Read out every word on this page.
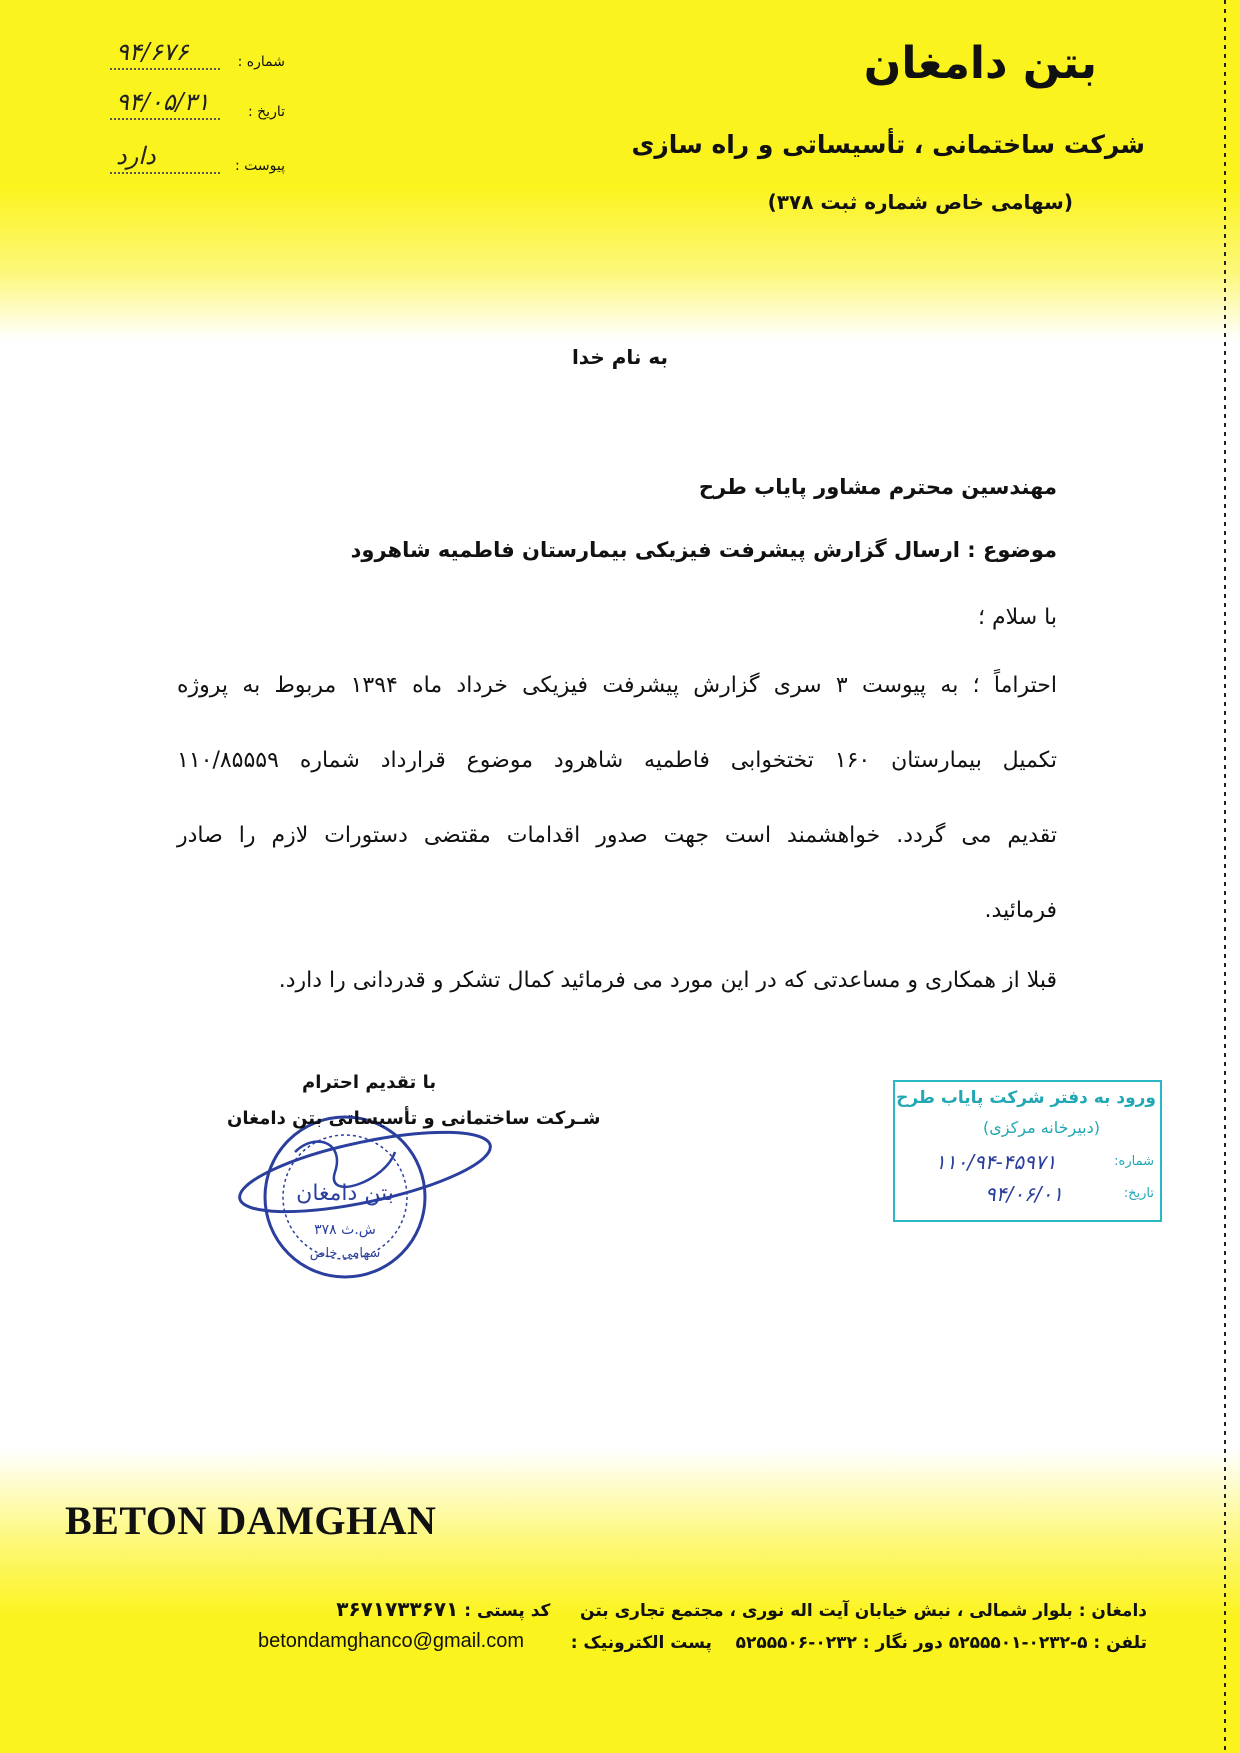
بتن دامغان
شرکت ساختمانی ، تأسیساتی و راه سازی
(سهامی خاص شماره ثبت ۳۷۸)
شماره :
۹۴/۶۷۶
تاریخ :
۹۴/۰۵/۳۱
پیوست :
دارد
به نام خدا
مهندسین محترم مشاور پایاب طرح
موضوع : ارسال گزارش پیشرفت فیزیکی بیمارستان فاطمیه شاهرود
با سلام ؛
احتراماً ؛ به پیوست ۳ سری گزارش پیشرفت فیزیکی خرداد ماه ۱۳۹۴ مربوط به پروژه
تکمیل بیمارستان ۱۶۰ تختخوابی فاطمیه شاهرود موضوع قرارداد شماره ۱۱۰/۸۵۵۵۹
تقدیم می گردد. خواهشمند است جهت صدور اقدامات مقتضی دستورات لازم را صادر
فرمائید.
قبلا از همکاری و مساعدتی که در این مورد می فرمائید کمال تشکر و قدردانی را دارد.
بتن دامغان
ش.ث ۳۷۸
سهامی خاص
با تقدیم احترام
شـرکت ساختمانی و تأسیساتی بتن دامغان
ورود به دفتر شرکت پایاب طرح
(دبیرخانه مرکزی)
شماره:
۱۱۰/۹۴-۴۵۹۷۱
تاریخ:
۹۴/۰۶/۰۱
BETON DAMGHAN
دامغان : بلوار شمالی ، نبش خیابان آیت اله نوری ، مجتمع تجاری بتن     کد پستی : ۳۶۷۱۷۳۳۶۷۱
تلفن : ۵-۰۲۳۲-۵۲۵۵۵۰۱ دور نگار : ۰۲۳۲-۵۲۵۵۵۰۶    پست الکترونیک :
betondamghanco@gmail.com
